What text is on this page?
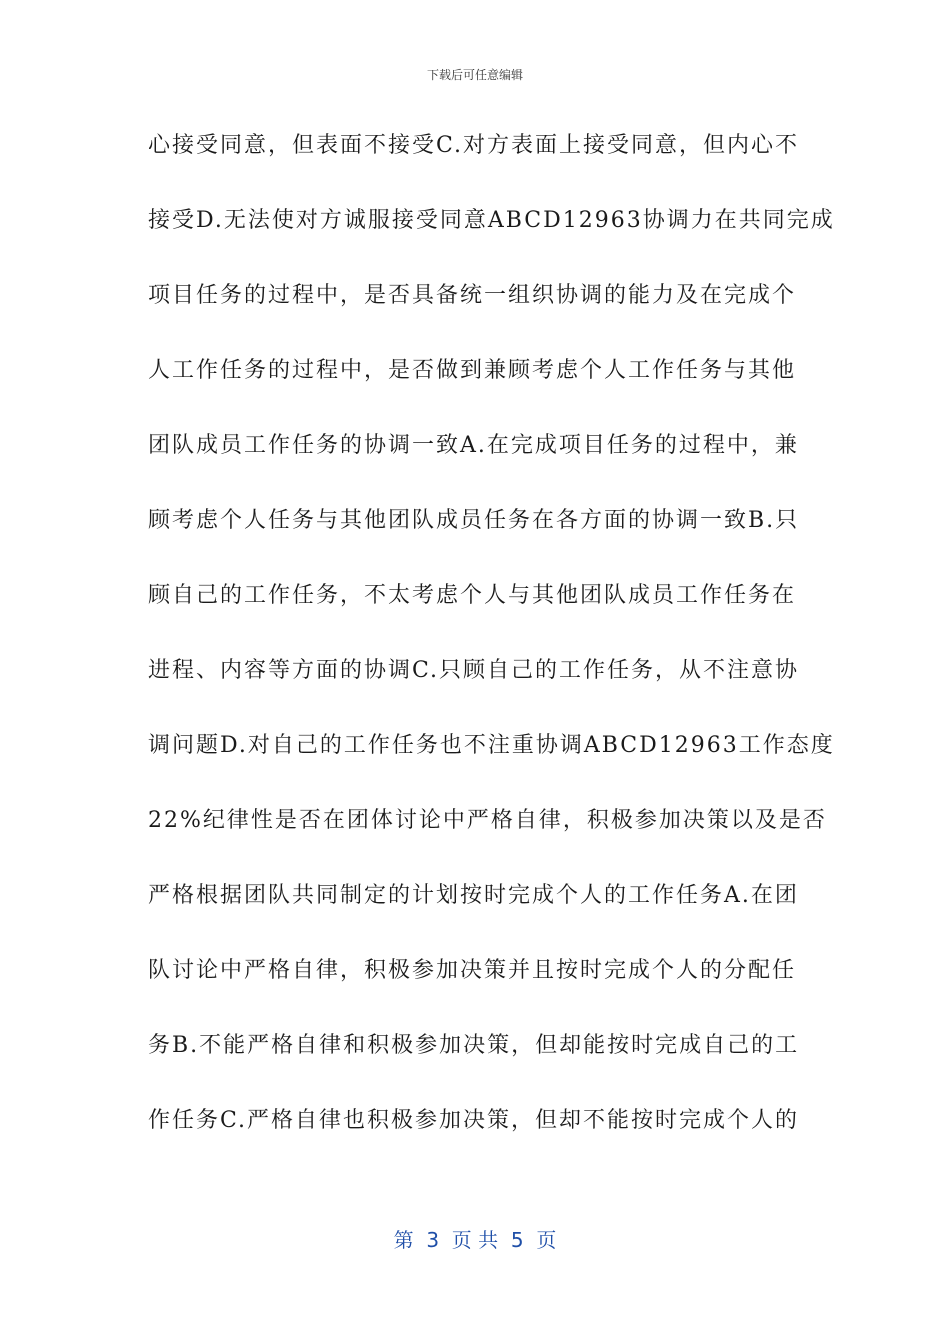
下载后可任意编辑
心接受同意，但表面不接受C.对方表面上接受同意，但内心不
接受D.无法使对方诚服接受同意ABCD12963协调力在共同完成
项目任务的过程中，是否具备统一组织协调的能力及在完成个
人工作任务的过程中，是否做到兼顾考虑个人工作任务与其他
团队成员工作任务的协调一致A.在完成项目任务的过程中，兼
顾考虑个人任务与其他团队成员任务在各方面的协调一致B.只
顾自己的工作任务，不太考虑个人与其他团队成员工作任务在
进程、内容等方面的协调C.只顾自己的工作任务，从不注意协
调问题D.对自己的工作任务也不注重协调ABCD12963工作态度
22%纪律性是否在团体讨论中严格自律，积极参加决策以及是否
严格根据团队共同制定的计划按时完成个人的工作任务A.在团
队讨论中严格自律，积极参加决策并且按时完成个人的分配任
务B.不能严格自律和积极参加决策，但却能按时完成自己的工
作任务C.严格自律也积极参加决策，但却不能按时完成个人的
第  3  页 共  5  页
